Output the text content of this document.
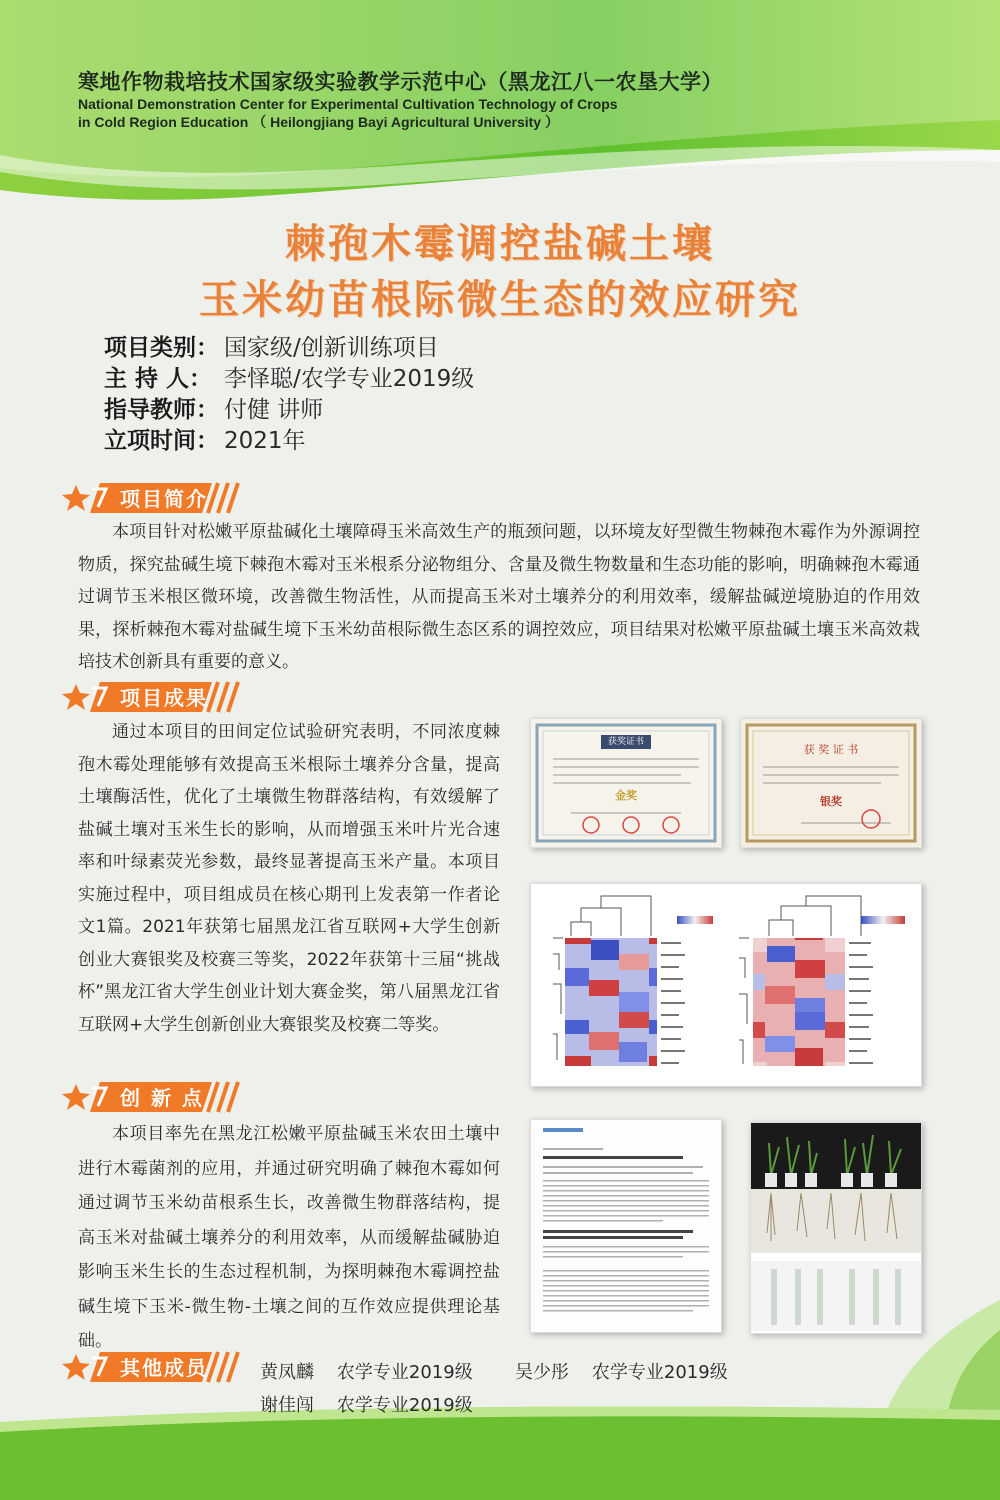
寒地作物栽培技术国家级实验教学示范中心（黑龙江八一农垦大学）
National Demonstration Center for Experimental Cultivation Technology of Crops
in Cold Region Education （ Heilongjiang Bayi Agricultural University ）
棘孢木霉调控盐碱土壤
玉米幼苗根际微生态的效应研究
项目类别： 国家级/创新训练项目
主 持 人： 李怿聪/农学专业2019级
指导教师： 付健 讲师
立项时间： 2021年
项目简介
本项目针对松嫩平原盐碱化土壤障碍玉米高效生产的瓶颈问题，以环境友好型微生物棘孢木霉作为外源调控物质，探究盐碱生境下棘孢木霉对玉米根系分泌物组分、含量及微生物数量和生态功能的影响，明确棘孢木霉通过调节玉米根区微环境，改善微生物活性，从而提高玉米对土壤养分的利用效率，缓解盐碱逆境胁迫的作用效果，探析棘孢木霉对盐碱生境下玉米幼苗根际微生态区系的调控效应，项目结果对松嫩平原盐碱土壤玉米高效栽培技术创新具有重要的意义。
项目成果
通过本项目的田间定位试验研究表明，不同浓度棘孢木霉处理能够有效提高玉米根际土壤养分含量，提高土壤酶活性，优化了土壤微生物群落结构，有效缓解了盐碱土壤对玉米生长的影响，从而增强玉米叶片光合速率和叶绿素荧光参数，最终显著提高玉米产量。本项目实施过程中，项目组成员在核心期刊上发表第一作者论文1篇。2021年获第七届黑龙江省互联网+大学生创新创业大赛银奖及校赛三等奖，2022年获第十三届“挑战杯”黑龙江省大学生创业计划大赛金奖，第八届黑龙江省互联网+大学生创新创业大赛银奖及校赛二等奖。
获奖证书
金奖
获 奖 证 书
银奖
创 新 点
本项目率先在黑龙江松嫩平原盐碱玉米农田土壤中进行木霉菌剂的应用，并通过研究明确了棘孢木霉如何通过调节玉米幼苗根系生长，改善微生物群落结构，提高玉米对盐碱土壤养分的利用效率，从而缓解盐碱胁迫影响玉米生长的生态过程机制，为探明棘孢木霉调控盐碱生境下玉米-微生物-土壤之间的互作效应提供理论基础。
其他成员	黄凤麟 农学专业2019级 吴少彤 农学专业2019级
谢佳闯 农学专业2019级
